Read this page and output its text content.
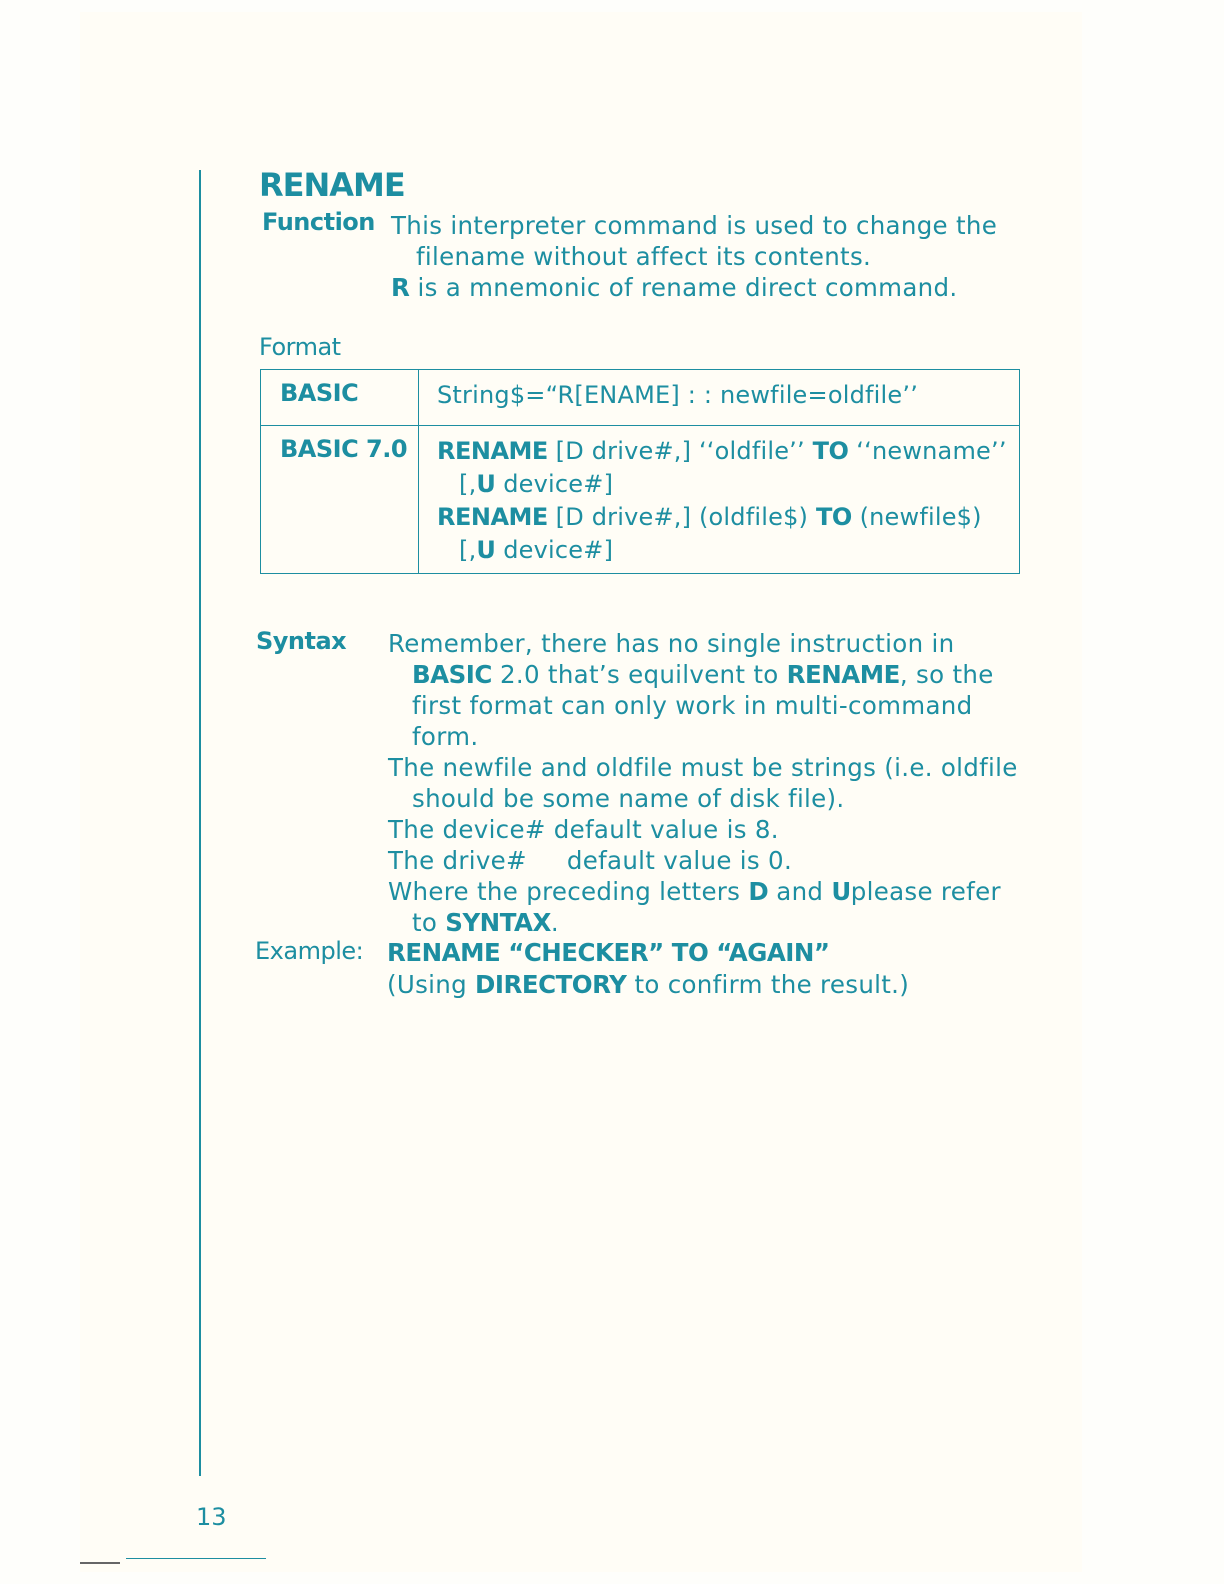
RENAME
Function This interpreter command is used to change the
filename without affect its contents.
R is a mnemonic of rename direct command.
Format
BASIC	String$=“R[ENAME] : : newfile=oldfile’’

BASIC 7.0	RENAME [D drive#,] ‘‘oldfile’’ TO ‘‘newname’’
[,U device#]
RENAME [D drive#,] (oldfile$) TO (newfile$)
[,U device#]
Syntax Remember, there has no single instruction in BASIC 2.0 that’s equilvent to RENAME, so the first format can only work in multi-command form.

The newfile and oldfile must be strings (i.e. oldfile should be some name of disk file).

The device# default value is 8.

The drive# default value is 0.

Where the preceding letters D and Uplease refer to SYNTAX.

Example: RENAME “CHECKER” TO “AGAIN”
(Using DIRECTORY to confirm the result.)
13
